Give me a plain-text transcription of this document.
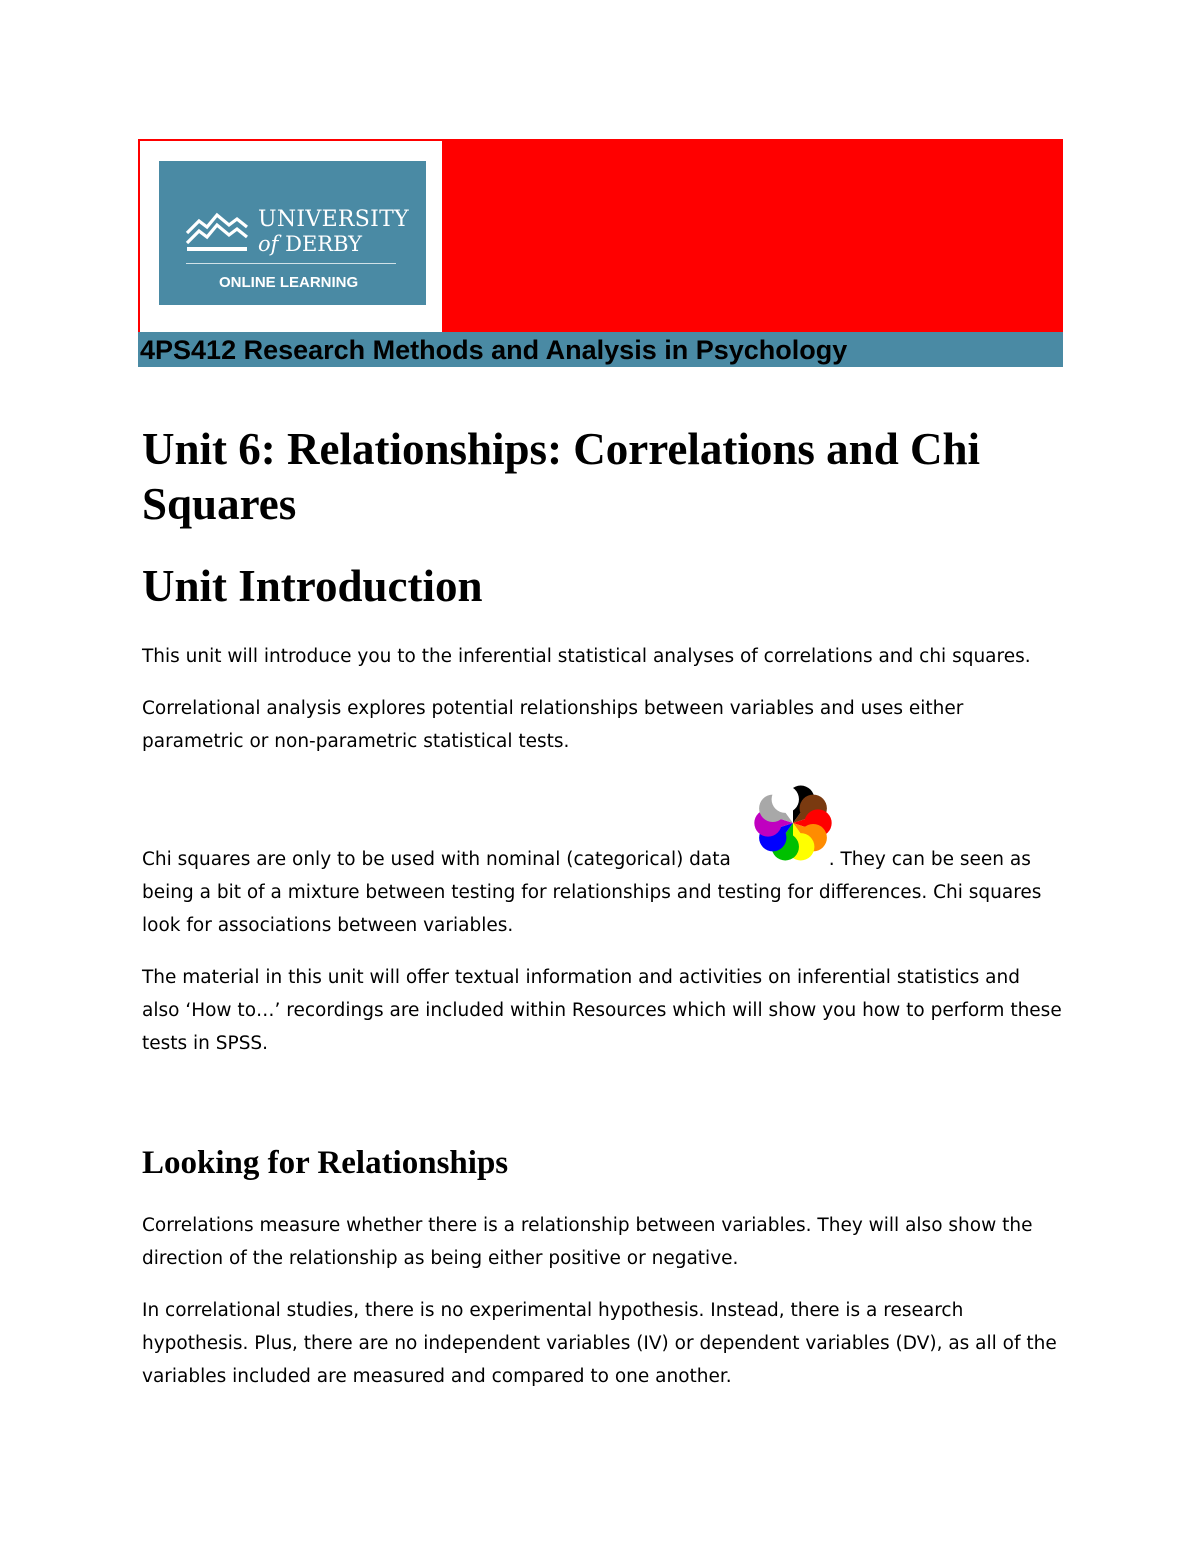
UNIVERSITY
of DERBY
ONLINE LEARNING
4PS412 Research Methods and Analysis in Psychology
Unit 6: Relationships: Correlations and Chi Squares
Unit Introduction

This unit will introduce you to the inferential statistical analyses of correlations and chi squares.

Correlational analysis explores potential relationships between variables and uses either parametric or non-parametric statistical tests.

Chi squares are only to be used with nominal (categorical) data	. They can be seen as being a bit of a mixture between testing for relationships and testing for differences. Chi squares look for associations between variables.

The material in this unit will offer textual information and activities on inferential statistics and also ‘How to…’ recordings are included within Resources which will show you how to perform these tests in SPSS.

Looking for Relationships

Correlations measure whether there is a relationship between variables. They will also show the direction of the relationship as being either positive or negative.

In correlational studies, there is no experimental hypothesis. Instead, there is a research hypothesis. Plus, there are no independent variables (IV) or dependent variables (DV), as all of the variables included are measured and compared to one another.
